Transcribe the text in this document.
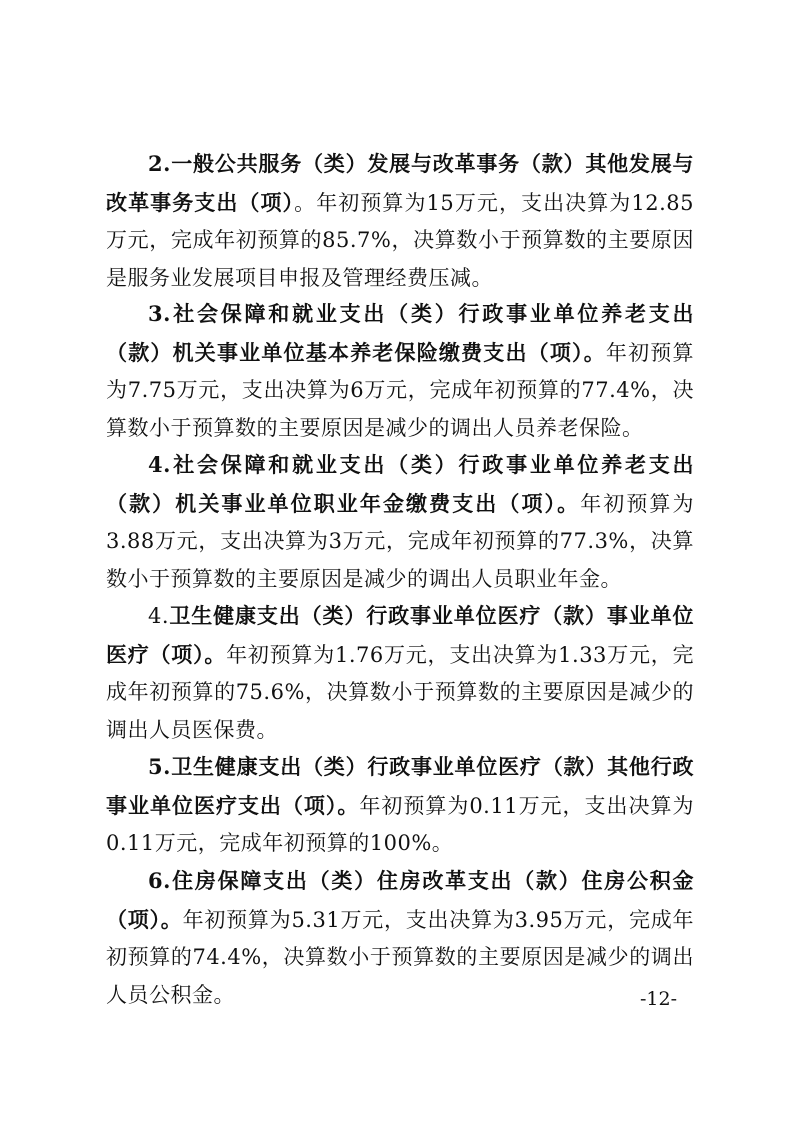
2.一般公共服务（类）发展与改革事务（款）其他发展与改革事务支出（项）。年初预算为15万元，支出决算为12.85万元，完成年初预算的85.7%，决算数小于预算数的主要原因是服务业发展项目申报及管理经费压减。

3.社会保障和就业支出（类）行政事业单位养老支出（款）机关事业单位基本养老保险缴费支出（项）。年初预算为7.75万元，支出决算为6万元，完成年初预算的77.4%，决算数小于预算数的主要原因是减少的调出人员养老保险。

4.社会保障和就业支出（类）行政事业单位养老支出（款）机关事业单位职业年金缴费支出（项）。年初预算为3.88万元，支出决算为3万元，完成年初预算的77.3%，决算数小于预算数的主要原因是减少的调出人员职业年金。

4.卫生健康支出（类）行政事业单位医疗（款）事业单位医疗（项）。年初预算为1.76万元，支出决算为1.33万元，完成年初预算的75.6%，决算数小于预算数的主要原因是减少的调出人员医保费。

5.卫生健康支出（类）行政事业单位医疗（款）其他行政事业单位医疗支出（项）。年初预算为0.11万元，支出决算为0.11万元，完成年初预算的100%。

6.住房保障支出（类）住房改革支出（款）住房公积金（项）。年初预算为5.31万元，支出决算为3.95万元，完成年初预算的74.4%，决算数小于预算数的主要原因是减少的调出人员公积金。	-12-
